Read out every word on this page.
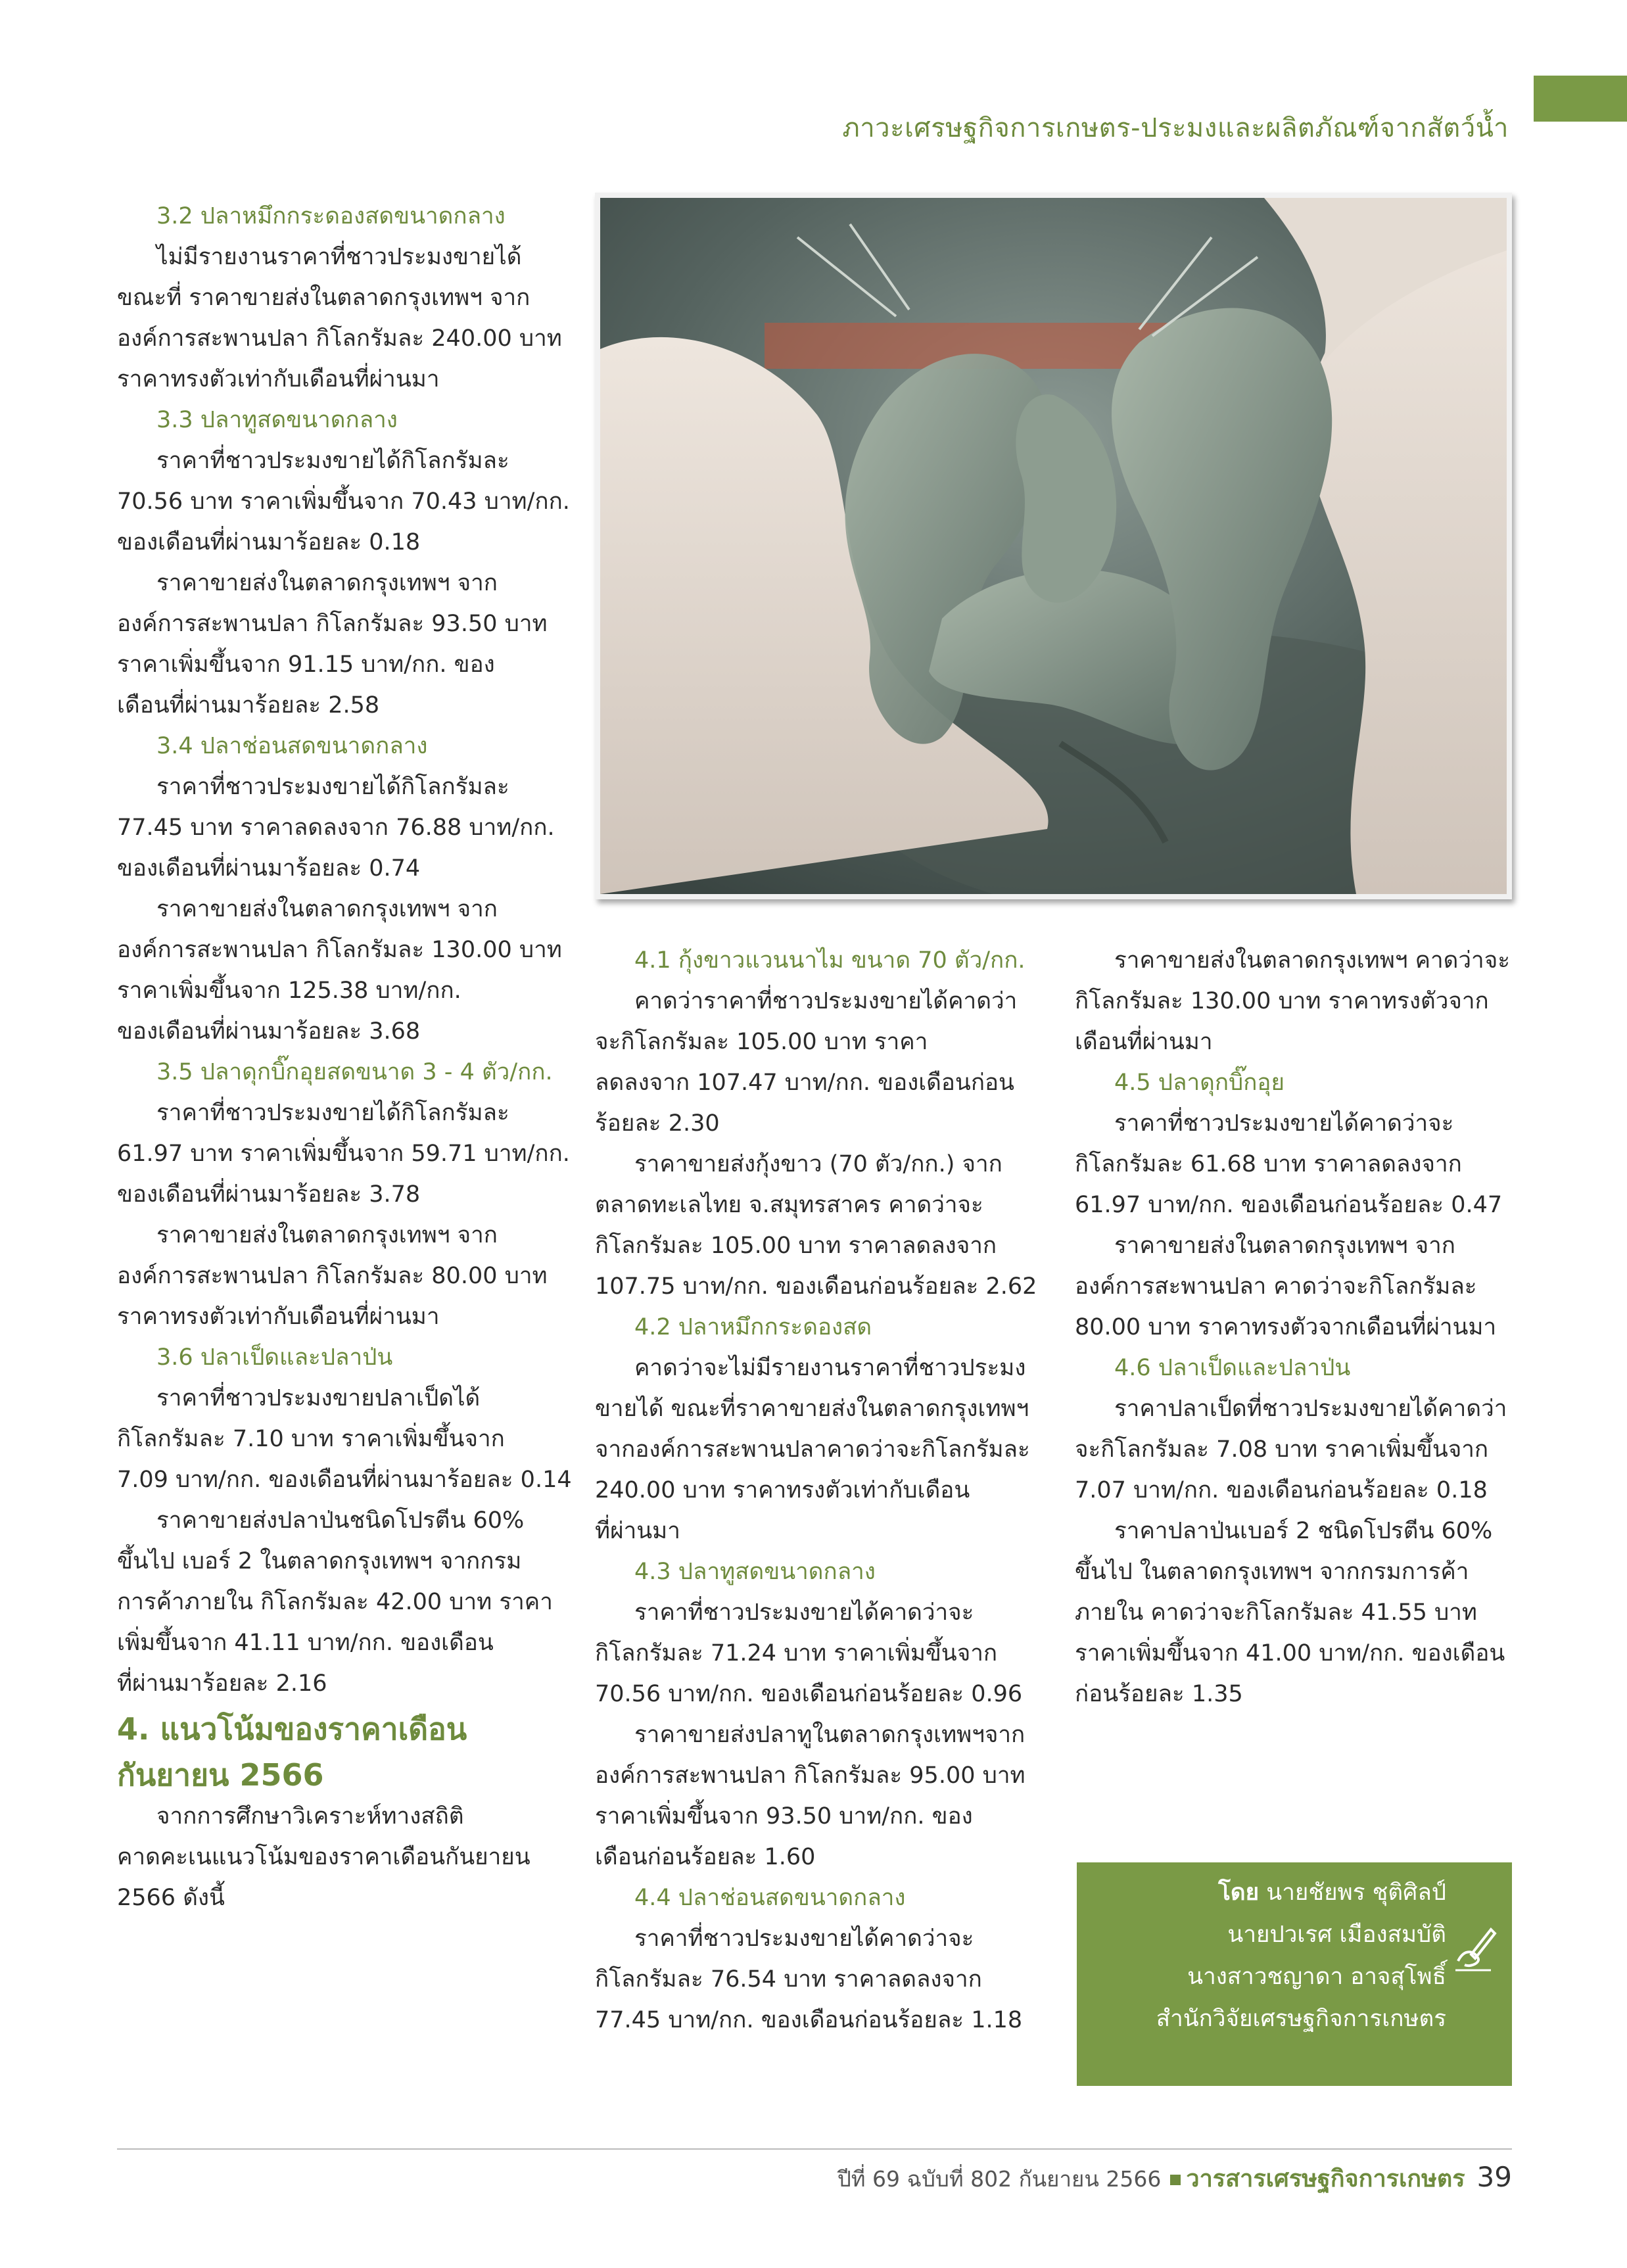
ภาวะเศรษฐกิจการเกษตร-ประมงและผลิตภัณฑ์จากสัตว์น้ำ

3.2 ปลาหมึกกระดองสดขนาดกลาง

ไม่มีรายงานราคาที่ชาวประมงขายได้

ขณะที่ ราคาขายส่งในตลาดกรุงเทพฯ จาก

องค์การสะพานปลา กิโลกรัมละ 240.00 บาท

ราคาทรงตัวเท่ากับเดือนที่ผ่านมา

3.3 ปลาทูสดขนาดกลาง

ราคาที่ชาวประมงขายได้กิโลกรัมละ

70.56 บาท ราคาเพิ่มขึ้นจาก 70.43 บาท/กก.

ของเดือนที่ผ่านมาร้อยละ 0.18

ราคาขายส่งในตลาดกรุงเทพฯ จาก

องค์การสะพานปลา กิโลกรัมละ 93.50 บาท

ราคาเพิ่มขึ้นจาก 91.15 บาท/กก. ของ

เดือนที่ผ่านมาร้อยละ 2.58

3.4 ปลาช่อนสดขนาดกลาง

ราคาที่ชาวประมงขายได้กิโลกรัมละ

77.45 บาท ราคาลดลงจาก 76.88 บาท/กก.

ของเดือนที่ผ่านมาร้อยละ 0.74

ราคาขายส่งในตลาดกรุงเทพฯ จาก

องค์การสะพานปลา กิโลกรัมละ 130.00 บาท

ราคาเพิ่มขึ้นจาก 125.38 บาท/กก.

ของเดือนที่ผ่านมาร้อยละ 3.68

3.5 ปลาดุกบิ๊กอุยสดขนาด 3 - 4 ตัว/กก.

ราคาที่ชาวประมงขายได้กิโลกรัมละ

61.97 บาท ราคาเพิ่มขึ้นจาก 59.71 บาท/กก.

ของเดือนที่ผ่านมาร้อยละ 3.78

ราคาขายส่งในตลาดกรุงเทพฯ จาก

องค์การสะพานปลา กิโลกรัมละ 80.00 บาท

ราคาทรงตัวเท่ากับเดือนที่ผ่านมา

3.6 ปลาเป็ดและปลาป่น

ราคาที่ชาวประมงขายปลาเป็ดได้

กิโลกรัมละ 7.10 บาท ราคาเพิ่มขึ้นจาก

7.09 บาท/กก. ของเดือนที่ผ่านมาร้อยละ 0.14

ราคาขายส่งปลาป่นชนิดโปรตีน 60%

ขึ้นไป เบอร์ 2 ในตลาดกรุงเทพฯ จากกรม

การค้าภายใน กิโลกรัมละ 42.00 บาท ราคา

เพิ่มขึ้นจาก 41.11 บาท/กก. ของเดือน

ที่ผ่านมาร้อยละ 2.16

4. แนวโน้มของราคาเดือน
กันยายน 2566

จากการศึกษาวิเคราะห์ทางสถิติ

คาดคะเนแนวโน้มของราคาเดือนกันยายน

2566 ดังนี้

4.1 กุ้งขาวแวนนาไม ขนาด 70 ตัว/กก.

คาดว่าราคาที่ชาวประมงขายได้คาดว่า

จะกิโลกรัมละ 105.00 บาท ราคา

ลดลงจาก 107.47 บาท/กก. ของเดือนก่อน

ร้อยละ 2.30

ราคาขายส่งกุ้งขาว (70 ตัว/กก.) จาก

ตลาดทะเลไทย จ.สมุทรสาคร คาดว่าจะ

กิโลกรัมละ 105.00 บาท ราคาลดลงจาก

107.75 บาท/กก. ของเดือนก่อนร้อยละ 2.62

4.2 ปลาหมึกกระดองสด

คาดว่าจะไม่มีรายงานราคาที่ชาวประมง

ขายได้ ขณะที่ราคาขายส่งในตลาดกรุงเทพฯ

จากองค์การสะพานปลาคาดว่าจะกิโลกรัมละ

240.00 บาท ราคาทรงตัวเท่ากับเดือน

ที่ผ่านมา

4.3 ปลาทูสดขนาดกลาง

ราคาที่ชาวประมงขายได้คาดว่าจะ

กิโลกรัมละ 71.24 บาท ราคาเพิ่มขึ้นจาก

70.56 บาท/กก. ของเดือนก่อนร้อยละ 0.96

ราคาขายส่งปลาทูในตลาดกรุงเทพฯจาก

องค์การสะพานปลา กิโลกรัมละ 95.00 บาท

ราคาเพิ่มขึ้นจาก 93.50 บาท/กก. ของ

เดือนก่อนร้อยละ 1.60

4.4 ปลาช่อนสดขนาดกลาง

ราคาที่ชาวประมงขายได้คาดว่าจะ

กิโลกรัมละ 76.54 บาท ราคาลดลงจาก

77.45 บาท/กก. ของเดือนก่อนร้อยละ 1.18

ราคาขายส่งในตลาดกรุงเทพฯ คาดว่าจะ

กิโลกรัมละ 130.00 บาท ราคาทรงตัวจาก

เดือนที่ผ่านมา

4.5 ปลาดุกบิ๊กอุย

ราคาที่ชาวประมงขายได้คาดว่าจะ

กิโลกรัมละ 61.68 บาท ราคาลดลงจาก

61.97 บาท/กก. ของเดือนก่อนร้อยละ 0.47

ราคาขายส่งในตลาดกรุงเทพฯ จาก

องค์การสะพานปลา คาดว่าจะกิโลกรัมละ

80.00 บาท ราคาทรงตัวจากเดือนที่ผ่านมา

4.6 ปลาเป็ดและปลาป่น

ราคาปลาเป็ดที่ชาวประมงขายได้คาดว่า

จะกิโลกรัมละ 7.08 บาท ราคาเพิ่มขึ้นจาก

7.07 บาท/กก. ของเดือนก่อนร้อยละ 0.18

ราคาปลาป่นเบอร์ 2 ชนิดโปรตีน 60%

ขึ้นไป ในตลาดกรุงเทพฯ จากกรมการค้า

ภายใน คาดว่าจะกิโลกรัมละ 41.55 บาท

ราคาเพิ่มขึ้นจาก 41.00 บาท/กก. ของเดือน

ก่อนร้อยละ 1.35

โดย นายชัยพร ชุติศิลป์
นายปวเรศ เมืองสมบัติ
นางสาวชญาดา อาจสุโพธิ์
สำนักวิจัยเศรษฐกิจการเกษตร
ปีที่ 69 ฉบับที่ 802 กันยายน 2566 วารสารเศรษฐกิจการเกษตร 39
